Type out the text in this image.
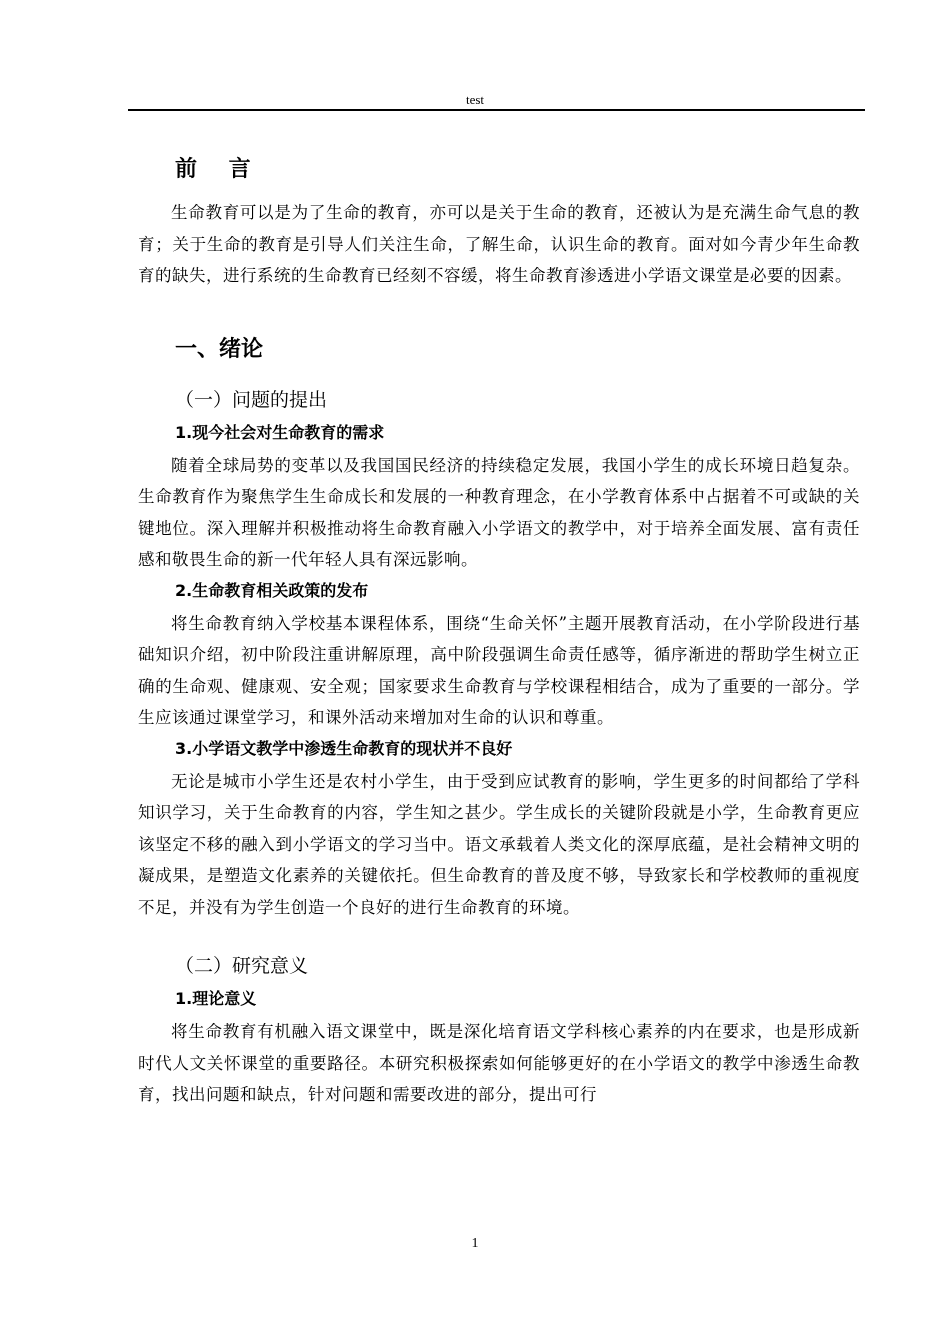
test
前 言

生命教育可以是为了生命的教育，亦可以是关于生命的教育，还被认为是充满生命气息的教育；关于生命的教育是引导人们关注生命，了解生命，认识生命的教育。面对如今青少年生命教育的缺失，进行系统的生命教育已经刻不容缓，将生命教育渗透进小学语文课堂是必要的因素。

一、绪论
（一）问题的提出
1.现今社会对生命教育的需求

随着全球局势的变革以及我国国民经济的持续稳定发展，我国小学生的成长环境日趋复杂。生命教育作为聚焦学生生命成长和发展的一种教育理念，在小学教育体系中占据着不可或缺的关键地位。深入理解并积极推动将生命教育融入小学语文的教学中，对于培养全面发展、富有责任感和敬畏生命的新一代年轻人具有深远影响。

2.生命教育相关政策的发布

将生命教育纳入学校基本课程体系，围绕“生命关怀”主题开展教育活动，在小学阶段进行基础知识介绍，初中阶段注重讲解原理，高中阶段强调生命责任感等，循序渐进的帮助学生树立正确的生命观、健康观、安全观；国家要求生命教育与学校课程相结合，成为了重要的一部分。学生应该通过课堂学习，和课外活动来增加对生命的认识和尊重。

3.小学语文教学中渗透生命教育的现状并不良好

无论是城市小学生还是农村小学生，由于受到应试教育的影响，学生更多的时间都给了学科知识学习，关于生命教育的内容，学生知之甚少。学生成长的关键阶段就是小学，生命教育更应该坚定不移的融入到小学语文的学习当中。语文承载着人类文化的深厚底蕴，是社会精神文明的凝成果，是塑造文化素养的关键依托。但生命教育的普及度不够，导致家长和学校教师的重视度不足，并没有为学生创造一个良好的进行生命教育的环境。

（二）研究意义
1.理论意义

将生命教育有机融入语文课堂中，既是深化培育语文学科核心素养的内在要求，也是形成新时代人文关怀课堂的重要路径。本研究积极探索如何能够更好的在小学语文的教学中渗透生命教育，找出问题和缺点，针对问题和需要改进的部分，提出可行

1
